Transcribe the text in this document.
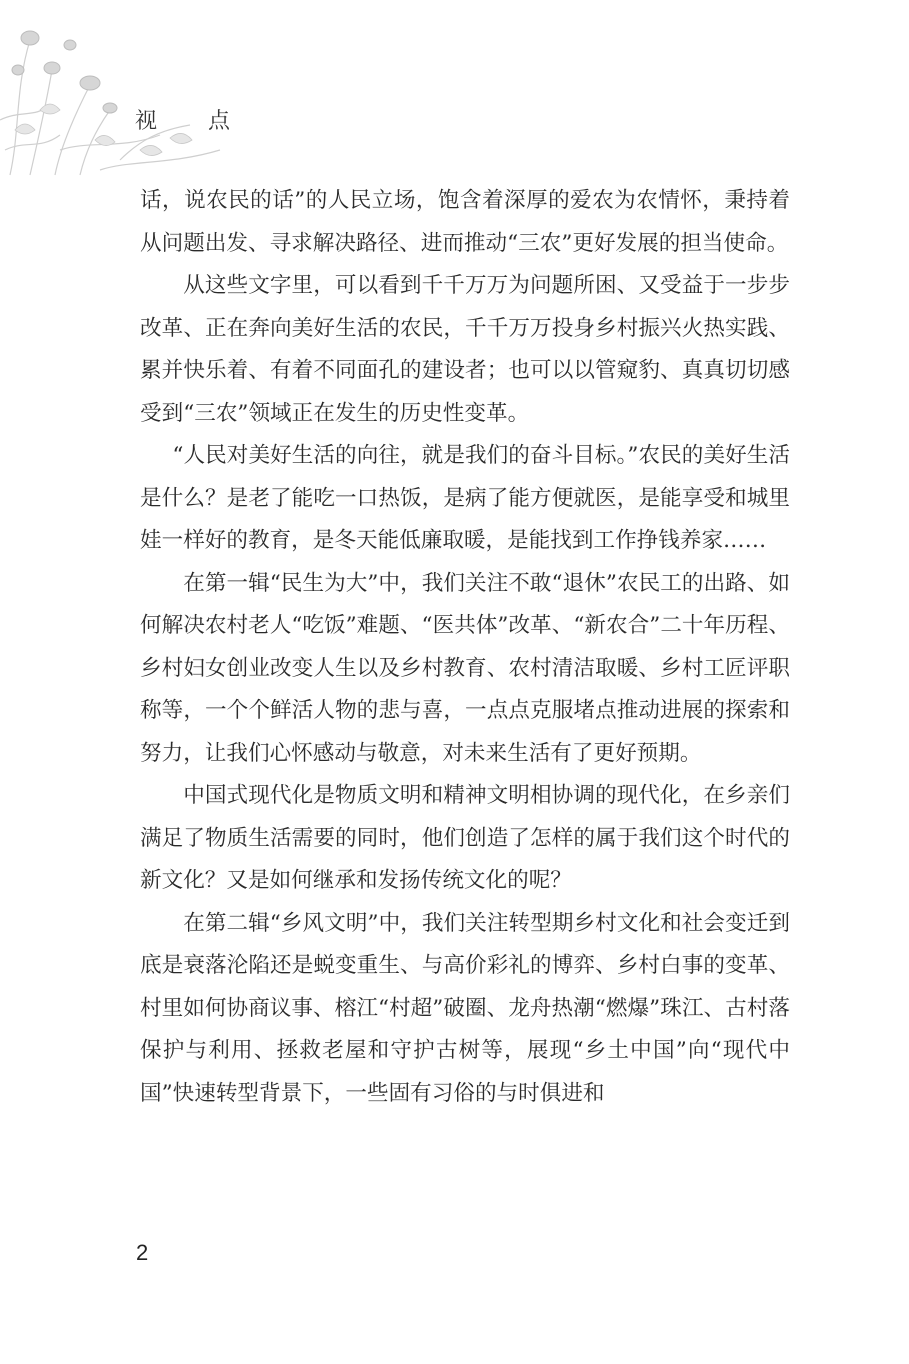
视 点

话，说农民的话”的人民立场，饱含着深厚的爱农为农情怀，秉持着从问题出发、寻求解决路径、进而推动“三农”更好发展的担当使命。

从这些文字里，可以看到千千万万为问题所困、又受益于一步步改革、正在奔向美好生活的农民，千千万万投身乡村振兴火热实践、累并快乐着、有着不同面孔的建设者；也可以以管窥豹、真真切切感受到“三农”领域正在发生的历史性变革。

“人民对美好生活的向往，就是我们的奋斗目标。”农民的美好生活是什么？是老了能吃一口热饭，是病了能方便就医，是能享受和城里娃一样好的教育，是冬天能低廉取暖，是能找到工作挣钱养家……

在第一辑“民生为大”中，我们关注不敢“退休”农民工的出路、如何解决农村老人“吃饭”难题、“医共体”改革、“新农合”二十年历程、乡村妇女创业改变人生以及乡村教育、农村清洁取暖、乡村工匠评职称等，一个个鲜活人物的悲与喜，一点点克服堵点推动进展的探索和努力，让我们心怀感动与敬意，对未来生活有了更好预期。

中国式现代化是物质文明和精神文明相协调的现代化，在乡亲们满足了物质生活需要的同时，他们创造了怎样的属于我们这个时代的新文化？又是如何继承和发扬传统文化的呢？

在第二辑“乡风文明”中，我们关注转型期乡村文化和社会变迁到底是衰落沦陷还是蜕变重生、与高价彩礼的博弈、乡村白事的变革、村里如何协商议事、榕江“村超”破圈、龙舟热潮“燃爆”珠江、古村落保护与利用、拯救老屋和守护古树等，展现“乡土中国”向“现代中国”快速转型背景下，一些固有习俗的与时俱进和

2
